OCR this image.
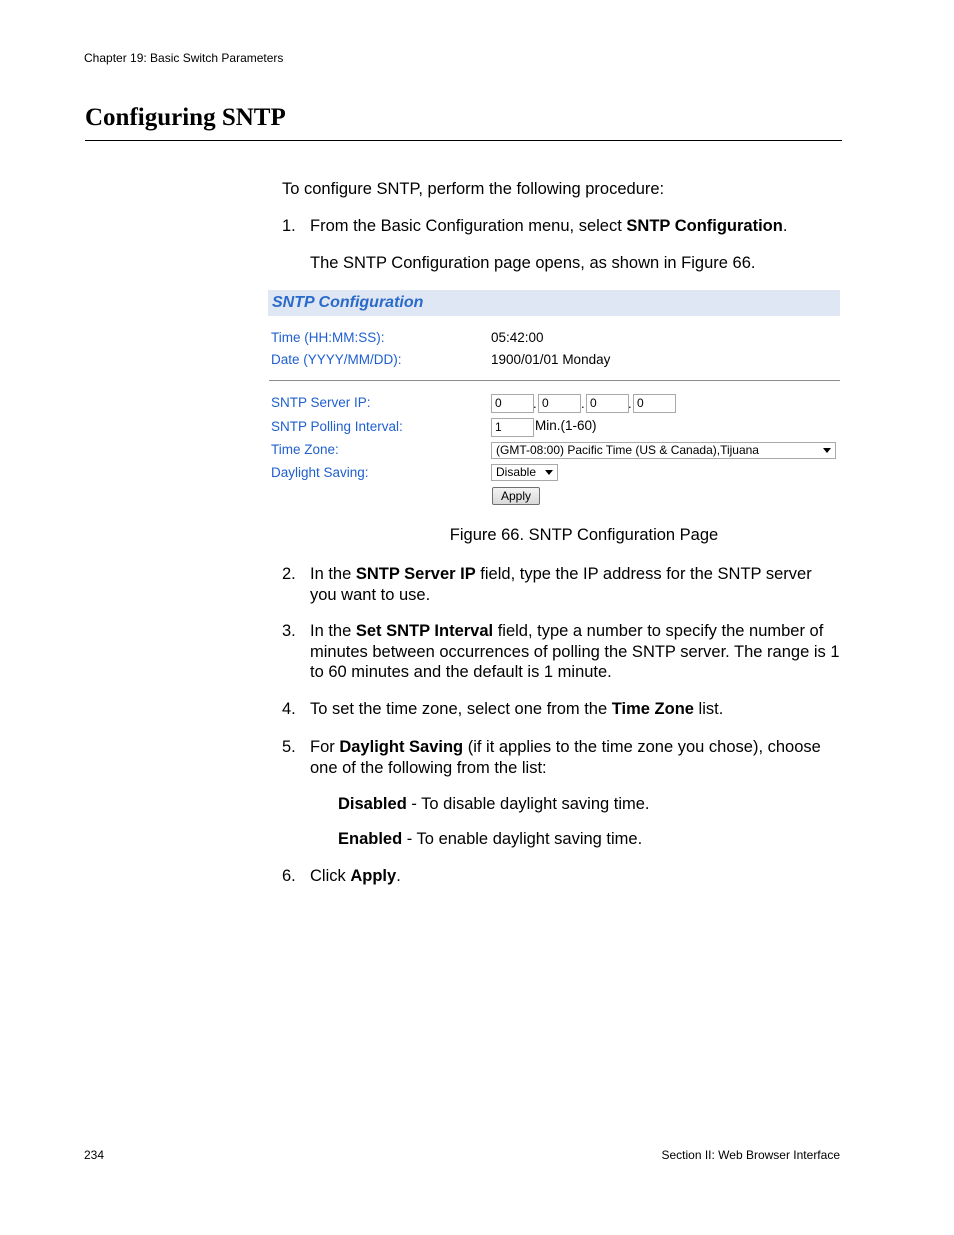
Chapter 19: Basic Switch Parameters
Configuring SNTP
To configure SNTP, perform the following procedure:
1. From the Basic Configuration menu, select SNTP Configuration.
The SNTP Configuration page opens, as shown in Figure 66.
SNTP Configuration
Time (HH:MM:SS):	05:42:00
Date (YYYY/MM/DD):	1900/01/01 Monday
SNTP Server IP:	0	. 0	. 0	. 0
SNTP Polling Interval:	1	Min.(1-60)
Time Zone:	(GMT-08:00) Pacific Time (US & Canada),Tijuana
Daylight Saving:	Disable
Apply
Figure 66. SNTP Configuration Page
2. In the SNTP Server IP field, type the IP address for the SNTP server you want to use.
3. In the Set SNTP Interval field, type a number to specify the number of minutes between occurrences of polling the SNTP server. The range is 1 to 60 minutes and the default is 1 minute.
4. To set the time zone, select one from the Time Zone list.
5. For Daylight Saving (if it applies to the time zone you chose), choose one of the following from the list:
Disabled - To disable daylight saving time.
Enabled - To enable daylight saving time.
6. Click Apply.
234	Section II: Web Browser Interface
